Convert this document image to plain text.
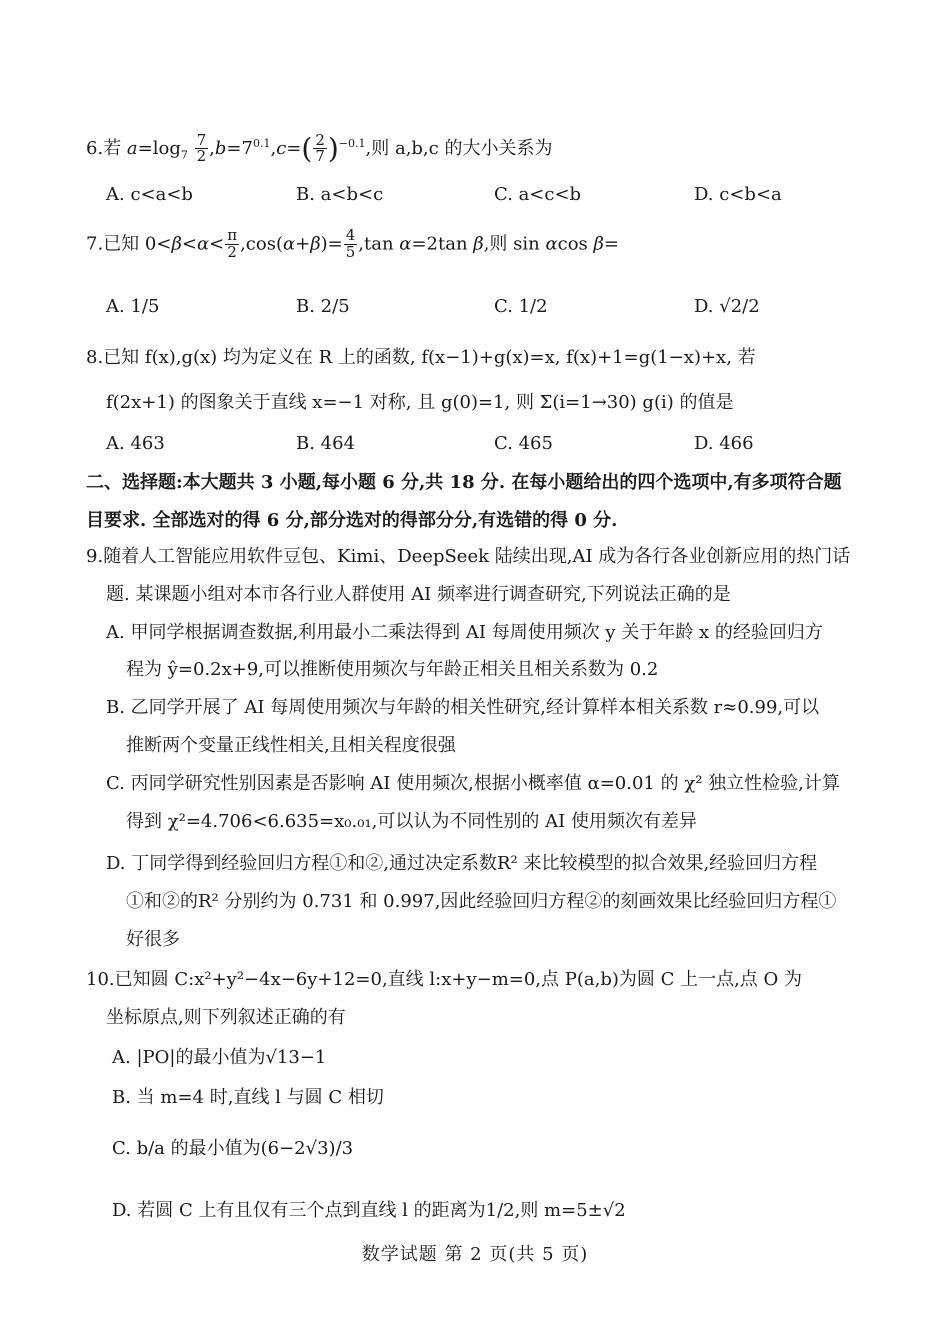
6.若 $a=\log_7 \frac{7}{2} ,b=7^{0.1},c=( \frac{2}{7} )^{-0.1}$,则 a,b,c 的大小关系为
A. c<a<b	B. a<b<c	C. a<c<b	D. c<b<a
7.已知 $0<\beta<\alpha< \frac{\pi}{2} ,\cos(\alpha+\beta)= \frac{4}{5} ,\tan$ α=2tan β,则 sin αcos β=
A. 1/5	B. 2/5	C. 1/2	D. √2/2
8.已知 f(x),g(x) 均为定义在 R 上的函数, f(x−1)+g(x)=x, f(x)+1=g(1−x)+x, 若
f(2x+1) 的图象关于直线 x=−1 对称, 且 g(0)=1, 则 Σ(i=1→30) g(i) 的值是
A. 463	B. 464	C. 465	D. 466
二、选择题:本大题共 3 小题,每小题 6 分,共 18 分. 在每小题给出的四个选项中,有多项符合题
目要求. 全部选对的得 6 分,部分选对的得部分分,有选错的得 0 分.
9.随着人工智能应用软件豆包、Kimi、DeepSeek 陆续出现,AI 成为各行各业创新应用的热门话
题. 某课题小组对本市各行业人群使用 AI 频率进行调查研究,下列说法正确的是
A. 甲同学根据调查数据,利用最小二乘法得到 AI 每周使用频次 y 关于年龄 x 的经验回归方
程为 ŷ=0.2x+9,可以推断使用频次与年龄正相关且相关系数为 0.2
B. 乙同学开展了 AI 每周使用频次与年龄的相关性研究,经计算样本相关系数 r≈0.99,可以
推断两个变量正线性相关,且相关程度很强
C. 丙同学研究性别因素是否影响 AI 使用频次,根据小概率值 α=0.01 的 χ² 独立性检验,计算
得到 χ²=4.706<6.635=x₀.₀₁,可以认为不同性别的 AI 使用频次有差异
D. 丁同学得到经验回归方程①和②,通过决定系数R² 来比较模型的拟合效果,经验回归方程
①和②的R² 分别约为 0.731 和 0.997,因此经验回归方程②的刻画效果比经验回归方程①
好很多
10.已知圆 C:x²+y²−4x−6y+12=0,直线 l:x+y−m=0,点 P(a,b)为圆 C 上一点,点 O 为
坐标原点,则下列叙述正确的有
A. |PO|的最小值为√13−1
B. 当 m=4 时,直线 l 与圆 C 相切
C. b/a 的最小值为(6−2√3)/3
D. 若圆 C 上有且仅有三个点到直线 l 的距离为1/2,则 m=5±√2
数学试题 第 2 页(共 5 页)
